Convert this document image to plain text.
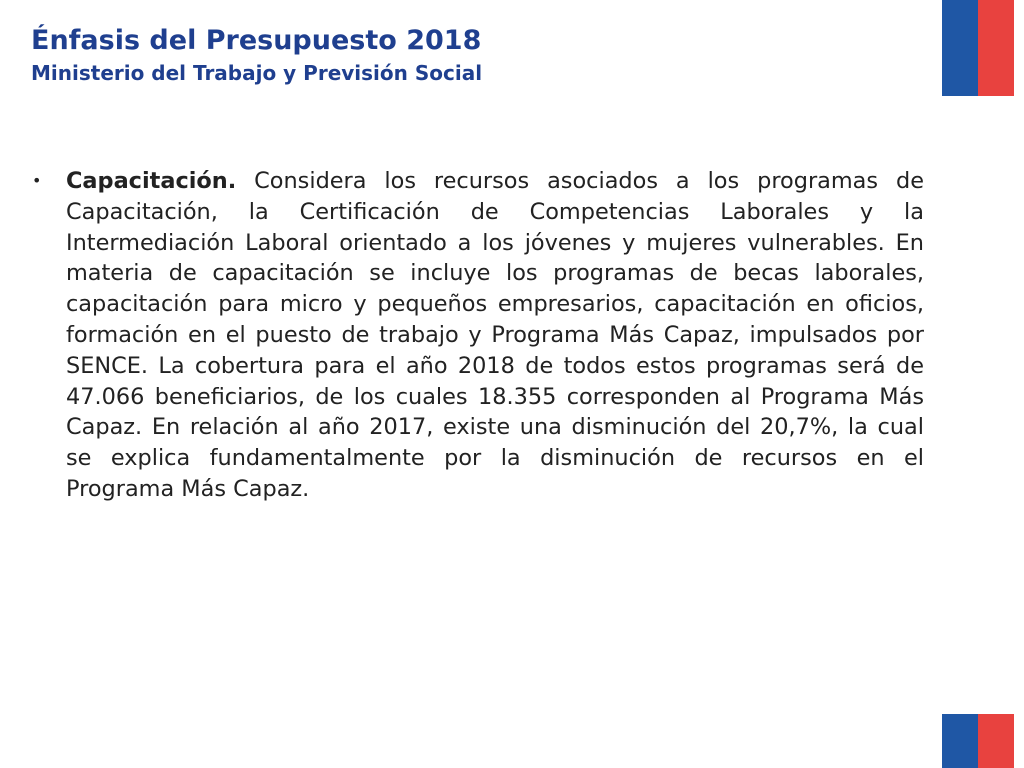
Énfasis del Presupuesto 2018
Ministerio del Trabajo y Previsión Social
•	Capacitación. Considera los recursos asociados a los programas de Capacitación, la Certificación de Competencias Laborales y la Intermediación Laboral orientado a los jóvenes y mujeres vulnerables. En materia de capacitación se incluye los programas de becas laborales, capacitación para micro y pequeños empresarios, capacitación en oficios, formación en el puesto de trabajo y Programa Más Capaz, impulsados por SENCE. La cobertura para el año 2018 de todos estos programas será de 47.066 beneficiarios, de los cuales 18.355 corresponden al Programa Más Capaz. En relación al año 2017, existe una disminución del 20,7%, la cual se explica fundamentalmente por la disminución de recursos en el Programa Más Capaz.
